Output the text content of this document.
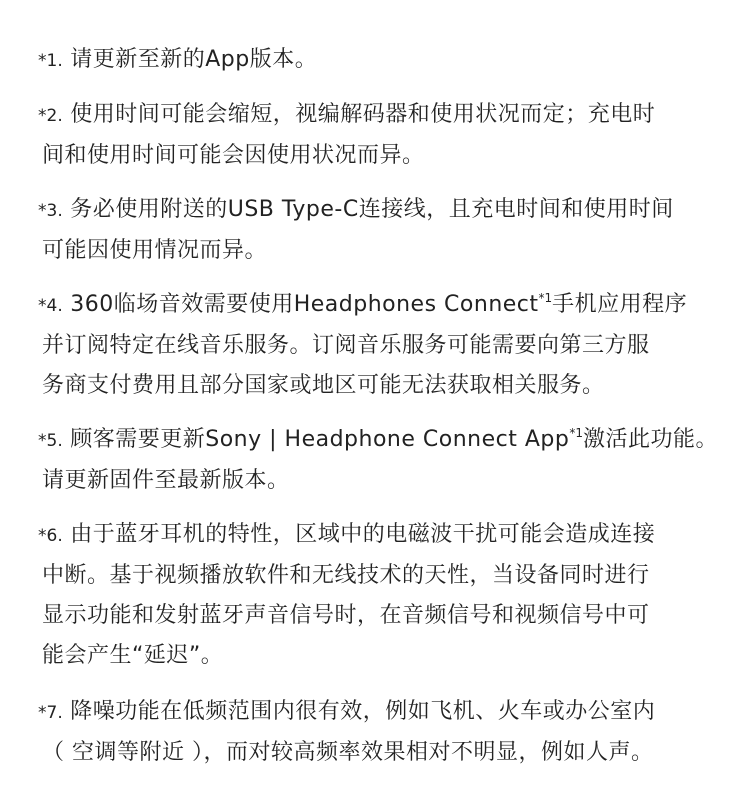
*1. 请更新至新的App版本。
*2. 使用时间可能会缩短，视编解码器和使用状况而定；充电时
间和使用时间可能会因使用状况而异。
*3. 务必使用附送的USB Type-C连接线，且充电时间和使用时间
可能因使用情况而异。
*4. 360临场音效需要使用Headphones Connect$^{*1}$手机应用程序
并订阅特定在线音乐服务。订阅音乐服务可能需要向第三方服
务商支付费用且部分国家或地区可能无法获取相关服务。
*5. 顾客需要更新Sony | Headphone Connect App$^{*1}$激活此功能。
请更新固件至最新版本。
*6. 由于蓝牙耳机的特性，区域中的电磁波干扰可能会造成连接
中断。基于视频播放软件和无线技术的天性，当设备同时进行
显示功能和发射蓝牙声音信号时，在音频信号和视频信号中可
能会产生“延迟”。
*7. 降噪功能在低频范围内很有效，例如飞机、火车或办公室内
（ 空调等附近 ），而对较高频率效果相对不明显，例如人声。
